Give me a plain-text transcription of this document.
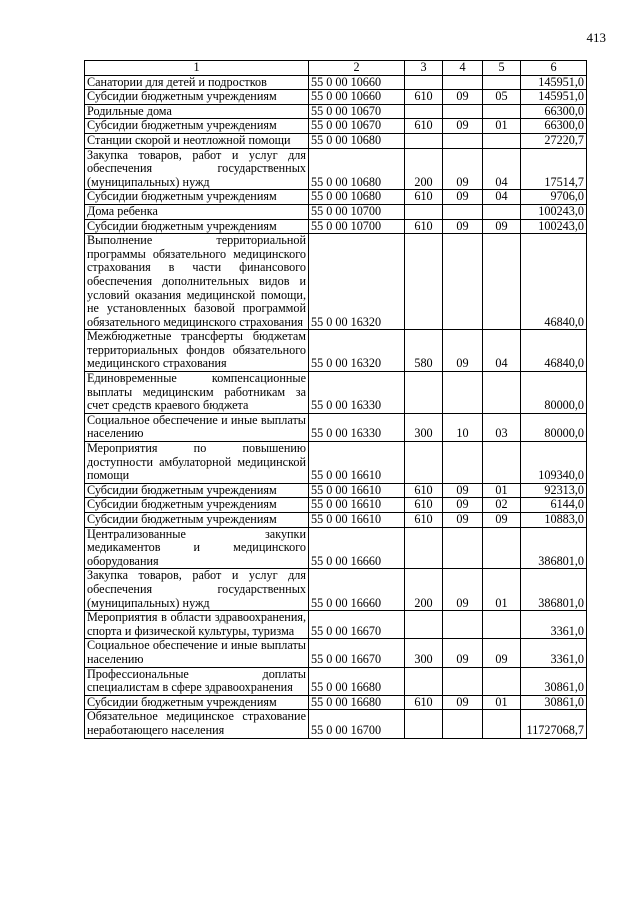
413
1	2	3	4	5	6
Санатории для детей и подростков	55 0 00 10660				145951,0
Субсидии бюджетным учреждениям	55 0 00 10660	610	09	05	145951,0
Родильные дома	55 0 00 10670				66300,0
Субсидии бюджетным учреждениям	55 0 00 10670	610	09	01	66300,0
Станции скорой и неотложной помощи	55 0 00 10680				27220,7
Закупка товаров, работ и услуг для обеспечения государственных (муниципальных) нужд	55 0 00 10680	200	09	04	17514,7
Субсидии бюджетным учреждениям	55 0 00 10680	610	09	04	9706,0
Дома ребенка	55 0 00 10700				100243,0
Субсидии бюджетным учреждениям	55 0 00 10700	610	09	09	100243,0
Выполнение территориальной программы обязательного медицинского страхования в части финансового обеспечения дополнительных видов и условий оказания медицинской помощи, не установленных базовой программой обязательного медицинского страхования	55 0 00 16320				46840,0
Межбюджетные трансферты бюджетам территориальных фондов обязательного медицинского страхования	55 0 00 16320	580	09	04	46840,0
Единовременные компенсационные выплаты медицинским работникам за счет средств краевого бюджета	55 0 00 16330				80000,0
Социальное обеспечение и иные выплаты населению	55 0 00 16330	300	10	03	80000,0
Мероприятия по повышению доступности амбулаторной медицинской помощи	55 0 00 16610				109340,0
Субсидии бюджетным учреждениям	55 0 00 16610	610	09	01	92313,0
Субсидии бюджетным учреждениям	55 0 00 16610	610	09	02	6144,0
Субсидии бюджетным учреждениям	55 0 00 16610	610	09	09	10883,0
Централизованные закупки медикаментов и медицинского оборудования	55 0 00 16660				386801,0
Закупка товаров, работ и услуг для обеспечения государственных (муниципальных) нужд	55 0 00 16660	200	09	01	386801,0
Мероприятия в области здравоохранения, спорта и физической культуры, туризма	55 0 00 16670				3361,0
Социальное обеспечение и иные выплаты населению	55 0 00 16670	300	09	09	3361,0
Профессиональные доплаты специалистам в сфере здравоохранения	55 0 00 16680				30861,0
Субсидии бюджетным учреждениям	55 0 00 16680	610	09	01	30861,0
Обязательное медицинское страхование неработающего населения	55 0 00 16700				11727068,7
